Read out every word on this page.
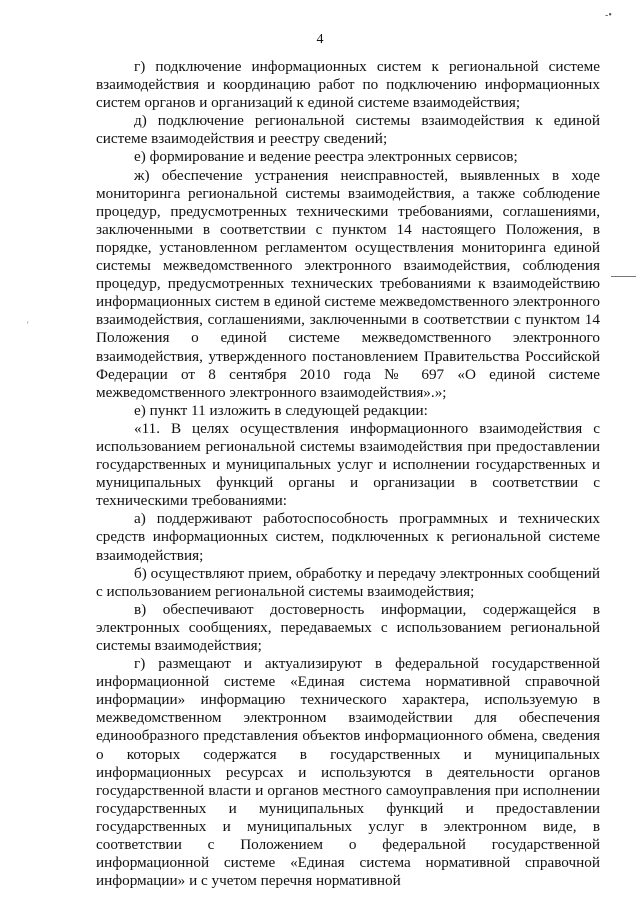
-•
'
4

г) подключение информационных систем к региональной системе взаимодействия и координацию работ по подключению информационных систем органов и организаций к единой системе взаимодействия;

д) подключение региональной системы взаимодействия к единой системе взаимодействия и реестру сведений;

е) формирование и ведение реестра электронных сервисов;

ж) обеспечение устранения неисправностей, выявленных в ходе мониторинга региональной системы взаимодействия, а также соблюдение процедур, предусмотренных техническими требованиями, соглашениями, заключенными в соответствии с пунктом 14 настоящего Положения, в порядке, установленном регламентом осуществления мониторинга единой системы межведомственного электронного взаимодействия, соблюдения процедур, предусмотренных технических требованиями к взаимодействию информационных систем в единой системе межведомственного электронного взаимодействия, соглашениями, заключенными в соответствии с пунктом 14 Положения о единой системе межведомственного электронного взаимодействия, утвержденного постановлением Правительства Российской Федерации от 8 сентября 2010 года № 697 «О единой системе межведомственного электронного взаимодействия».»;

е) пункт 11 изложить в следующей редакции:

«11. В целях осуществления информационного взаимодействия с использованием региональной системы взаимодействия при предоставлении государственных и муниципальных услуг и исполнении государственных и муниципальных функций органы и организации в соответствии с техническими требованиями:

а) поддерживают работоспособность программных и технических средств информационных систем, подключенных к региональной системе взаимодействия;

б) осуществляют прием, обработку и передачу электронных сообщений с использованием региональной системы взаимодействия;

в) обеспечивают достоверность информации, содержащейся в электронных сообщениях, передаваемых с использованием региональной системы взаимодействия;

г) размещают и актуализируют в федеральной государственной информационной системе «Единая система нормативной справочной информации» информацию технического характера, используемую в межведомственном электронном взаимодействии для обеспечения единообразного представления объектов информационного обмена, сведения о которых содержатся в государственных и муниципальных информационных ресурсах и используются в деятельности органов государственной власти и органов местного самоуправления при исполнении государственных и муниципальных функций и предоставлении государственных и муниципальных услуг в электронном виде, в соответствии с Положением о федеральной государственной информационной системе «Единая система нормативной справочной информации» и с учетом перечня нормативной
